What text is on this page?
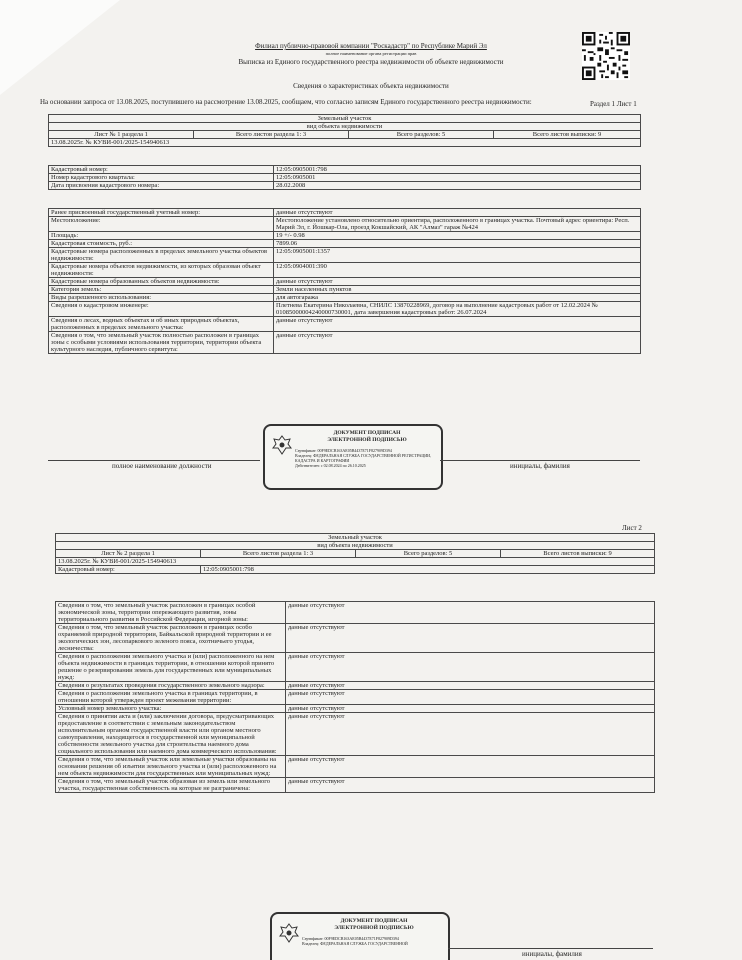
Филиал публично-правовой компании "Роскадастр" по Республике Марий Эл
полное наименование органа регистрации прав
Выписка из Единого государственного реестра недвижимости об объекте недвижимости
Сведения о характеристиках объекта недвижимости
На основании запроса от 13.08.2025, поступившего на рассмотрение 13.08.2025, сообщаем, что согласно записям Единого государственного реестра недвижимости:	Раздел 1 Лист 1
Земельный участок
вид объекта недвижимости
Лист № 1 раздела 1	Всего листов раздела 1: 3	Всего разделов: 5	Всего листов выписки: 9
13.08.2025г. № КУВИ-001/2025-154940613
Кадастровый номер:	12:05:0905001:798
Номер кадастрового квартала:	12:05:0905001
Дата присвоения кадастрового номера:	28.02.2008
Ранее присвоенный государственный учетный номер:	данные отсутствуют
Местоположение:	Местоположение установлено относительно ориентира, расположенного в границах участка. Почтовый адрес ориентира: Респ. Марий Эл, г. Йошкар-Ола, проезд Кокшайский, АК "Алмаз" гараж №424
Площадь:	19 +/- 0.98
Кадастровая стоимость, руб.:	7899.06
Кадастровые номера расположенных в пределах земельного участка объектов недвижимости:	12:05:0905001:1357
Кадастровые номера объектов недвижимости, из которых образован объект недвижимости:	12:05:0904001:390
Кадастровые номера образованных объектов недвижимости:	данные отсутствуют
Категория земель:	Земли населенных пунктов
Виды разрешенного использования:	для автогаража
Сведения о кадастровом инженере:	Плетнева Екатерина Николаевна, СНИЛС 13870228969, договор на выполнение кадастровых работ от 12.02.2024 № 01085000004240000730001, дата завершения кадастровых работ: 26.07.2024
Сведения о лесах, водных объектах и об иных природных объектах, расположенных в пределах земельного участка:	данные отсутствуют
Сведения о том, что земельный участок полностью расположен в границах зоны с особыми условиями использования территории, территории объекта культурного наследия, публичного сервитута:	данные отсутствуют
ДОКУМЕНТ ПОДПИСАН
ЭЛЕКТРОННОЙ ПОДПИСЬЮ
Сертификат: 00F9EDCB163AE05B4437E71F827909D394
Владелец: ФЕДЕРАЛЬНАЯ СЛУЖБА ГОСУДАРСТВЕННОЙ РЕГИСТРАЦИИ, КАДАСТРА И КАРТОГРАФИИ
Действителен: с 02.08.2024 по 26.10.2025
полное наименование должности	инициалы, фамилия
Лист 2
Земельный участок			
вид объекта недвижимости			
Лист № 2 раздела 1	Всего листов раздела 1: 3	Всего разделов: 5	Всего листов выписки: 9
13.08.2025г. № КУВИ-001/2025-154940613			
Кадастровый номер:	12:05:0905001:798		
Сведения о том, что земельный участок расположен в границах особой экономической зоны, территории опережающего развития, зоны территориального развития в Российской Федерации, игорной зоны:	данные отсутствуют
Сведения о том, что земельный участок расположен в границах особо охраняемой природной территории, Байкальской природной территории и ее экологических зон, лесопаркового зеленого пояса, охотничьего угодья, лесничества:	данные отсутствуют
Сведения о расположении земельного участка и (или) расположенного на нем объекта недвижимости в границах территории, в отношении которой принято решение о резервировании земель для государственных или муниципальных нужд:	данные отсутствуют
Сведения о результатах проведения государственного земельного надзора:	данные отсутствуют
Сведения о расположении земельного участка в границах территории, в отношении которой утвержден проект межевания территории:	данные отсутствуют
Условный номер земельного участка:	данные отсутствуют
Сведения о принятии акта и (или) заключении договора, предусматривающих предоставление в соответствии с земельным законодательством исполнительным органом государственной власти или органом местного самоуправления, находящегося в государственной или муниципальной собственности земельного участка для строительства наемного дома социального использования или наемного дома коммерческого использования:	данные отсутствуют
Сведения о том, что земельный участок или земельные участки образованы на основании решения об изъятии земельного участка и (или) расположенного на нем объекта недвижимости для государственных или муниципальных нужд:	данные отсутствуют
Сведения о том, что земельный участок образован из земель или земельного участка, государственная собственность на которые не разграничена:	данные отсутствуют
ДОКУМЕНТ ПОДПИСАН
ЭЛЕКТРОННОЙ ПОДПИСЬЮ
Сертификат: 00F9EDCB163AE05B4437E71F827909D394
Владелец: ФЕДЕРАЛЬНАЯ СЛУЖБА ГОСУДАРСТВЕННОЙ
инициалы, фамилия
